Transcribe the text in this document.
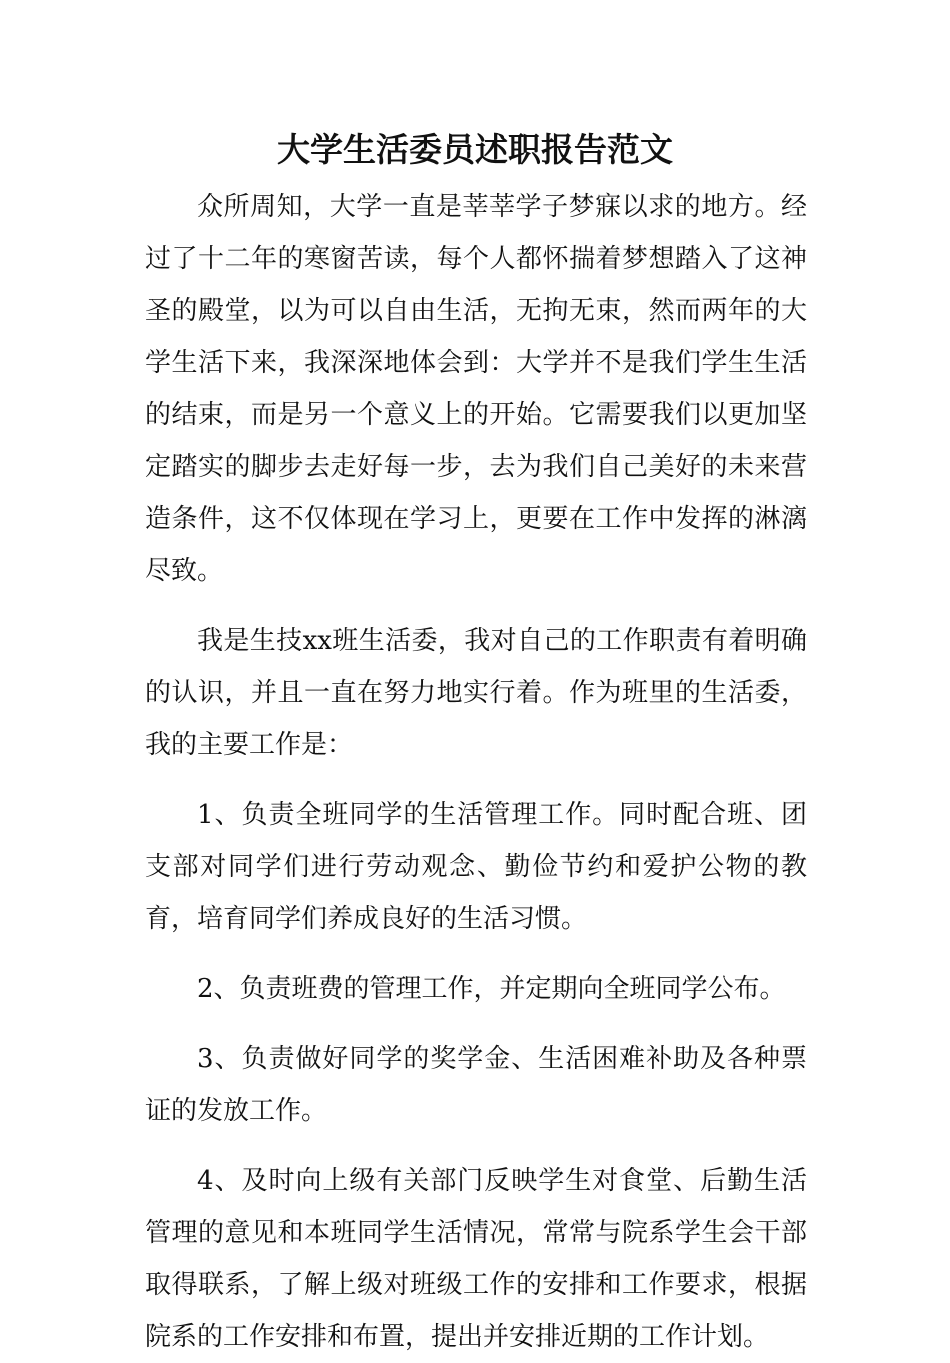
大学生活委员述职报告范文

众所周知，大学一直是莘莘学子梦寐以求的地方。经过了十二年的寒窗苦读，每个人都怀揣着梦想踏入了这神圣的殿堂，以为可以自由生活，无拘无束，然而两年的大学生活下来，我深深地体会到：大学并不是我们学生生活的结束，而是另一个意义上的开始。它需要我们以更加坚定踏实的脚步去走好每一步，去为我们自己美好的未来营造条件，这不仅体现在学习上，更要在工作中发挥的淋漓尽致。

我是生技xx班生活委，我对自己的工作职责有着明确的认识，并且一直在努力地实行着。作为班里的生活委，我的主要工作是：

1、负责全班同学的生活管理工作。同时配合班、团支部对同学们进行劳动观念、勤俭节约和爱护公物的教育，培育同学们养成良好的生活习惯。

2、负责班费的管理工作，并定期向全班同学公布。

3、负责做好同学的奖学金、生活困难补助及各种票证的发放工作。

4、及时向上级有关部门反映学生对食堂、后勤生活管理的意见和本班同学生活情况，常常与院系学生会干部取得联系，了解上级对班级工作的安排和工作要求，根据院系的工作安排和布置，提出并安排近期的工作计划。
